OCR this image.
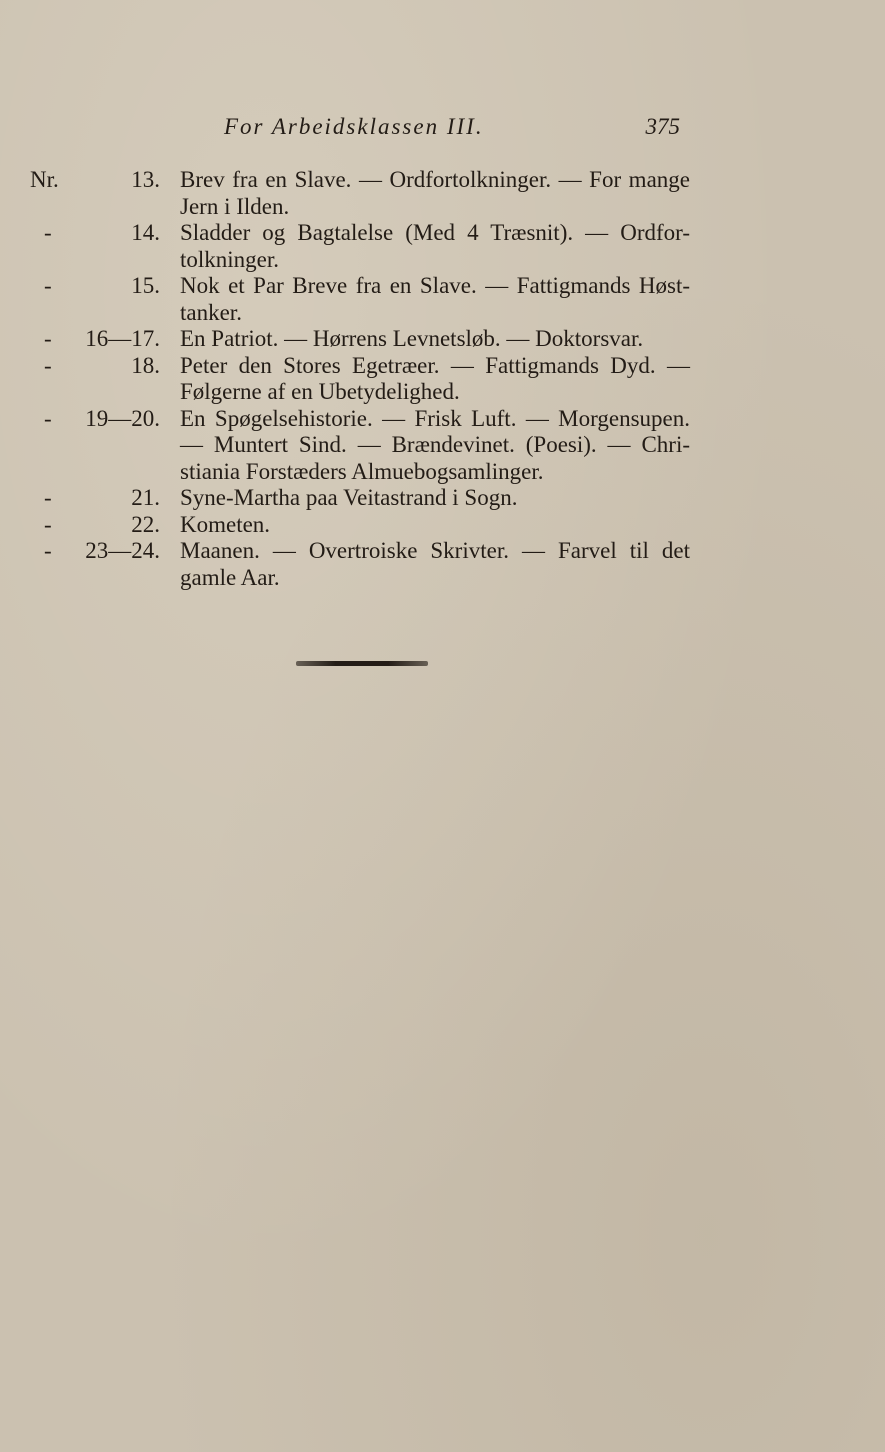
For Arbeidsklassen III.	375
Nr.	13. Brev fra en Slave. — Ordfortolkninger. — For mange
Jern i Ilden.
-	14. Sladder og Bagtalelse (Med 4 Træsnit). — Ordfor-
tolkninger.
-	15. Nok et Par Breve fra en Slave. — Fattigmands Høst-
tanker.
-	16—17. En Patriot. — Hørrens Levnetsløb. — Doktorsvar.
-	18. Peter den Stores Egetræer. — Fattigmands Dyd. —
Følgerne af en Ubetydelighed.
-	19—20. En Spøgelsehistorie. — Frisk Luft. — Morgensupen.
— Muntert Sind. — Brændevinet. (Poesi). — Chri-
stiania Forstæders Almuebogsamlinger.
-	21. Syne-Martha paa Veitastrand i Sogn.
-	22. Kometen.
-	23—24. Maanen. — Overtroiske Skrivter. — Farvel til det
gamle Aar.
